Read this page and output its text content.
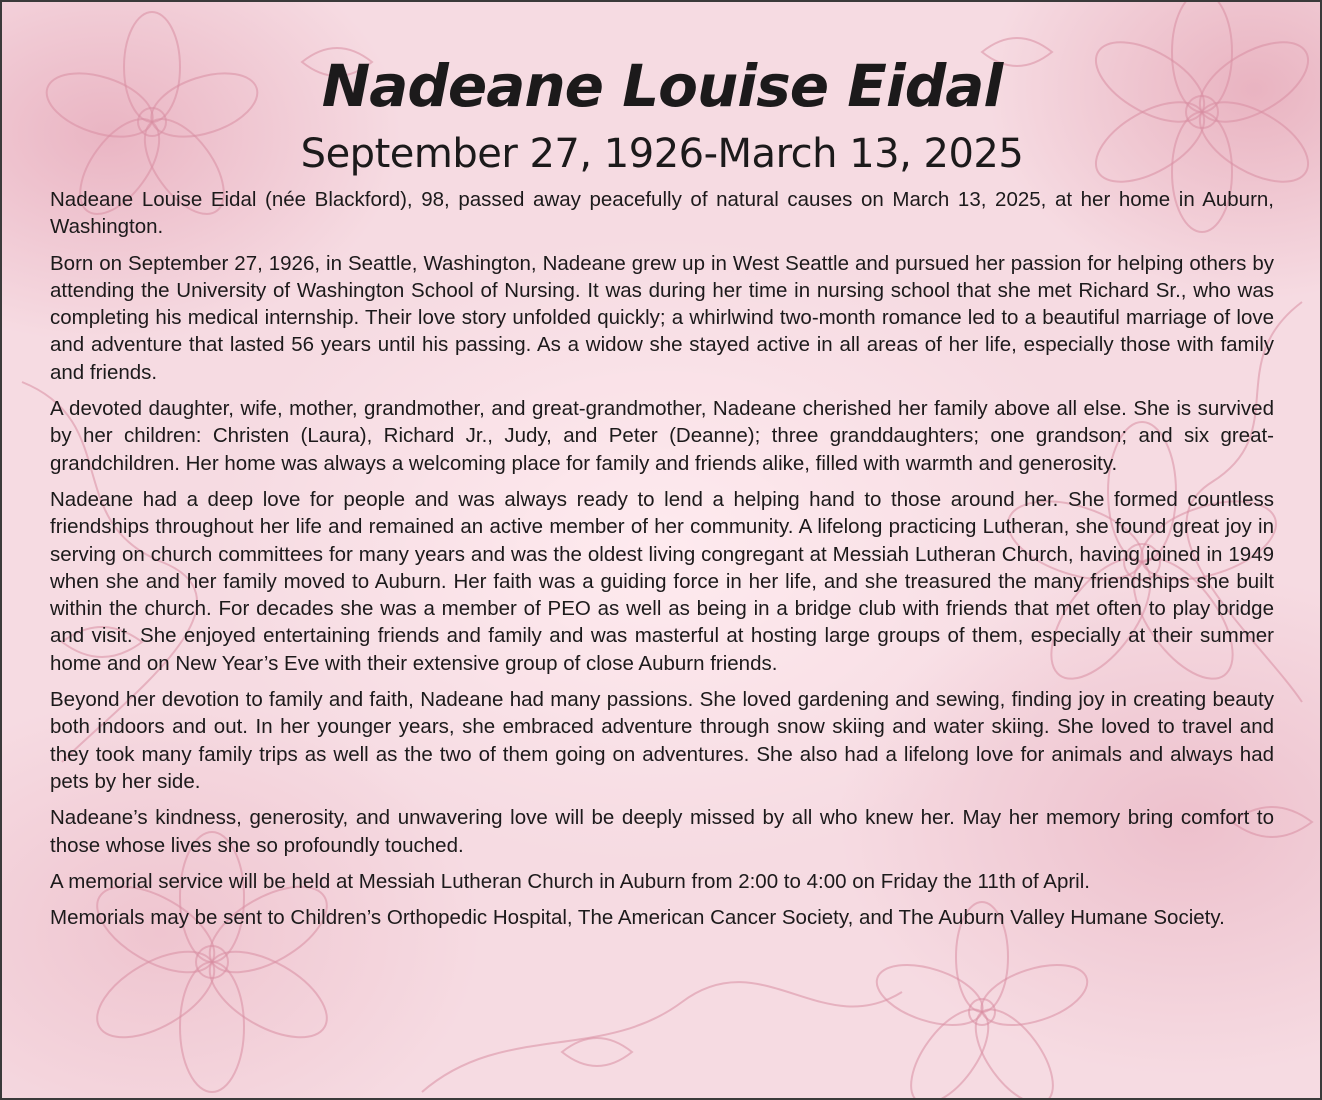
Nadeane Louise Eidal
September 27, 1926-March 13, 2025

Nadeane Louise Eidal (née Blackford), 98, passed away peacefully of natural causes on March 13, 2025, at her home in Auburn, Washington.

Born on September 27, 1926, in Seattle, Washington, Nadeane grew up in West Seattle and pursued her passion for helping others by attending the University of Washington School of Nursing. It was during her time in nursing school that she met Richard Sr., who was completing his medical internship. Their love story unfolded quickly; a whirlwind two-month romance led to a beautiful marriage of love and adventure that lasted 56 years until his passing. As a widow she stayed active in all areas of her life, especially those with family and friends.

A devoted daughter, wife, mother, grandmother, and great-grandmother, Nadeane cherished her family above all else. She is survived by her children: Christen (Laura), Richard Jr., Judy, and Peter (Deanne); three granddaughters; one grandson; and six great-grandchildren. Her home was always a welcoming place for family and friends alike, filled with warmth and generosity.

Nadeane had a deep love for people and was always ready to lend a helping hand to those around her. She formed countless friendships throughout her life and remained an active member of her community. A lifelong practicing Lutheran, she found great joy in serving on church committees for many years and was the oldest living congregant at Messiah Lutheran Church, having joined in 1949 when she and her family moved to Auburn. Her faith was a guiding force in her life, and she treasured the many friendships she built within the church. For decades she was a member of PEO as well as being in a bridge club with friends that met often to play bridge and visit. She enjoyed entertaining friends and family and was masterful at hosting large groups of them, especially at their summer home and on New Year’s Eve with their extensive group of close Auburn friends.

Beyond her devotion to family and faith, Nadeane had many passions. She loved gardening and sewing, finding joy in creating beauty both indoors and out. In her younger years, she embraced adventure through snow skiing and water skiing. She loved to travel and they took many family trips as well as the two of them going on adventures. She also had a lifelong love for animals and always had pets by her side.

Nadeane’s kindness, generosity, and unwavering love will be deeply missed by all who knew her. May her memory bring comfort to those whose lives she so profoundly touched.

A memorial service will be held at Messiah Lutheran Church in Auburn from 2:00 to 4:00 on Friday the 11th of April.

Memorials may be sent to Children’s Orthopedic Hospital, The American Cancer Society, and The Auburn Valley Humane Society.
